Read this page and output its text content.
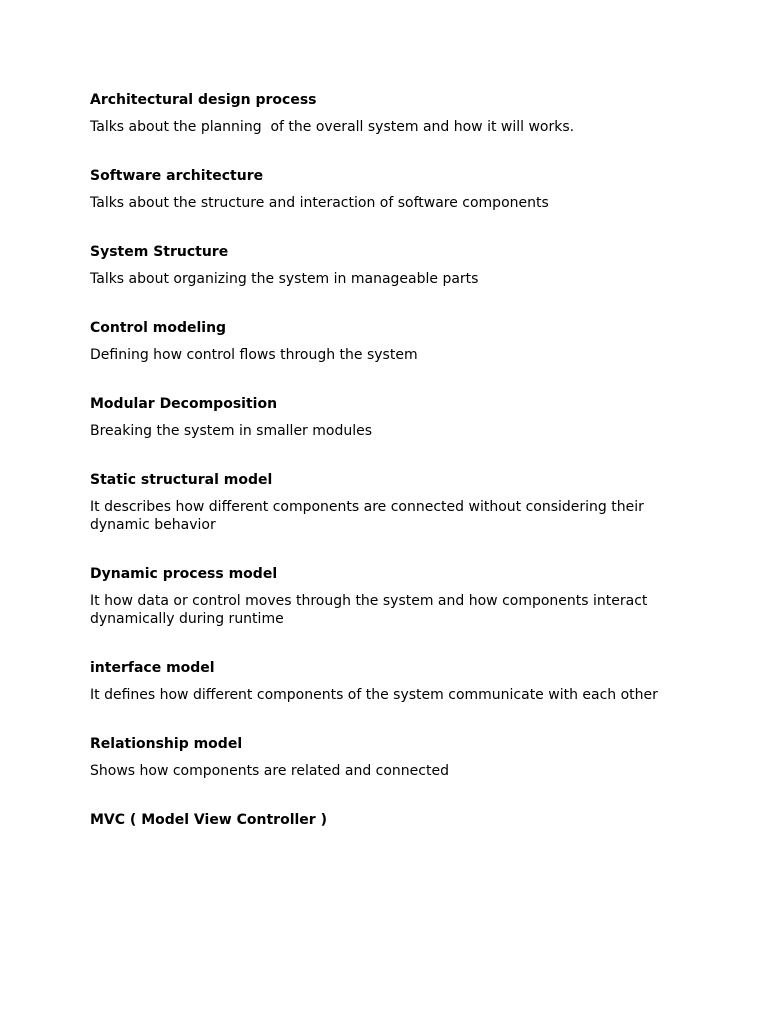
Architectural design process
Talks about the planning  of the overall system and how it will works.
Software architecture
Talks about the structure and interaction of software components
System Structure
Talks about organizing the system in manageable parts
Control modeling
Defining how control flows through the system
Modular Decomposition
Breaking the system in smaller modules
Static structural model
It describes how different components are connected without considering their dynamic behavior
Dynamic process model
It how data or control moves through the system and how components interact dynamically during runtime
interface model
It defines how different components of the system communicate with each other
Relationship model
Shows how components are related and connected
MVC ( Model View Controller )
